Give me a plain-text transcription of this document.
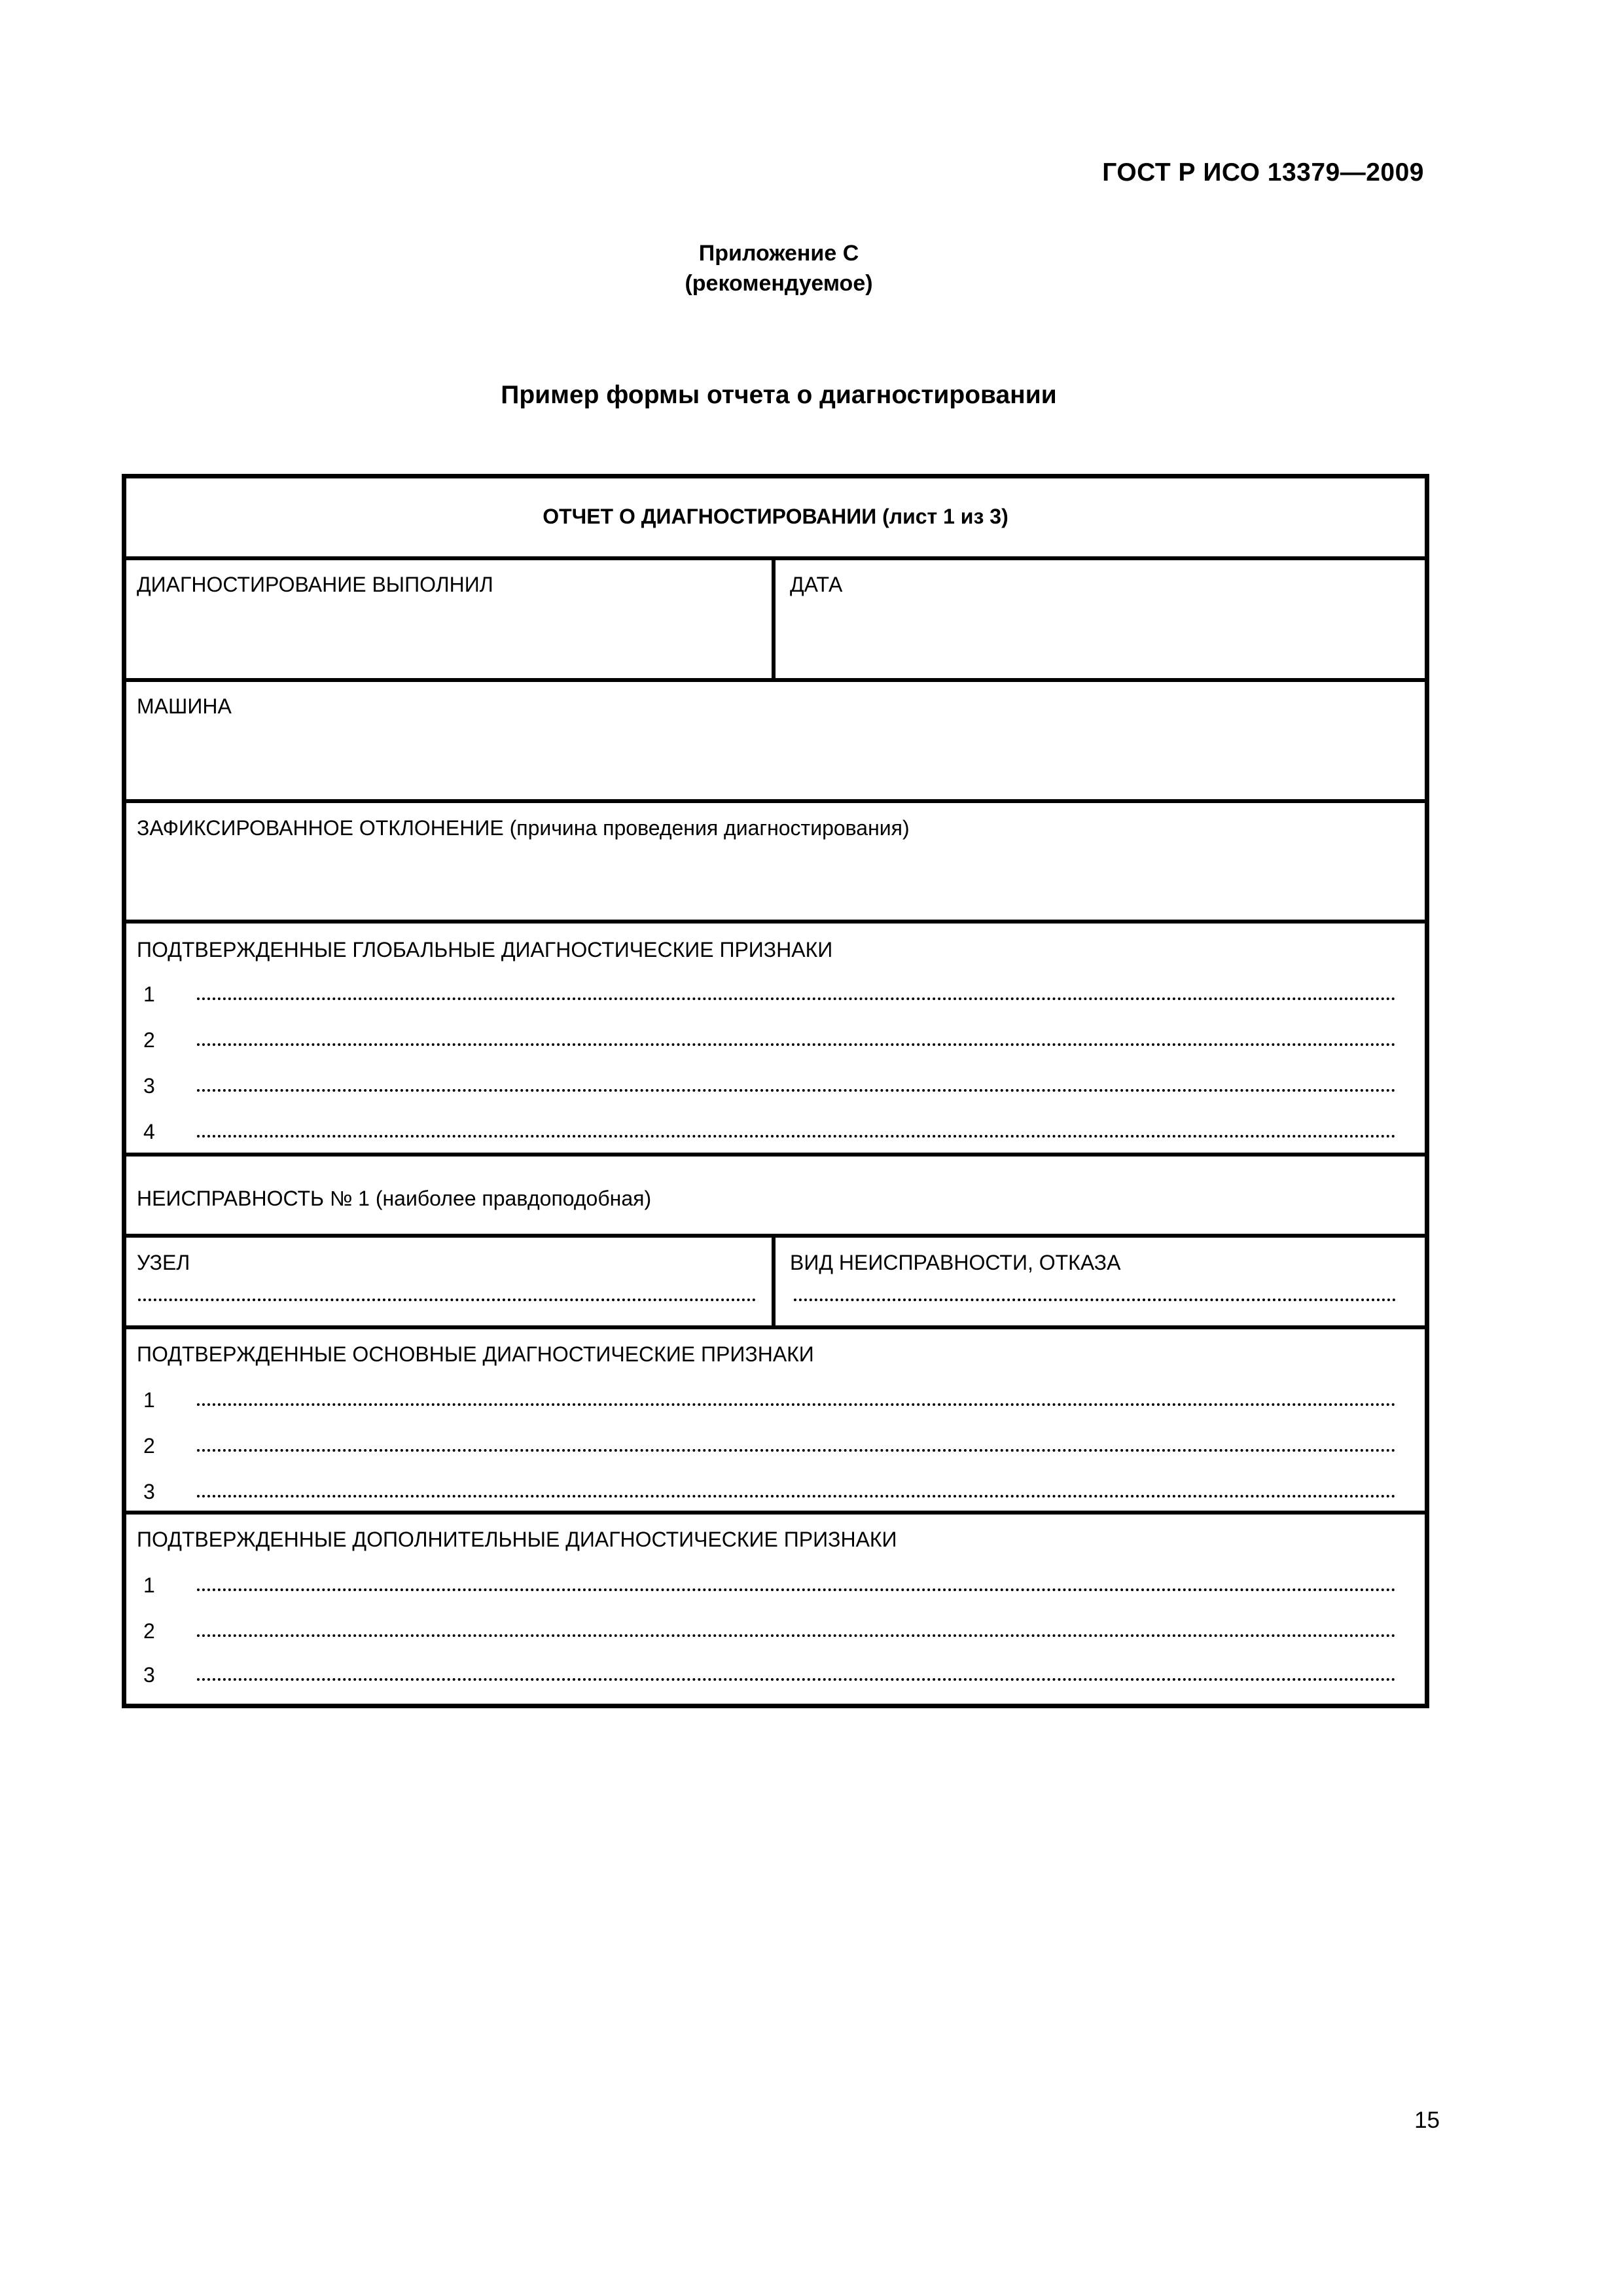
ГОСТ Р ИСО 13379—2009
Приложение С
(рекомендуемое)
Пример формы отчета о диагностировании
ОТЧЕТ О ДИАГНОСТИРОВАНИИ (лист 1 из 3)
ДИАГНОСТИРОВАНИЕ ВЫПОЛНИЛ	ДАТА
МАШИНА
ЗАФИКСИРОВАННОЕ ОТКЛОНЕНИЕ (причина проведения диагностирования)
ПОДТВЕРЖДЕННЫЕ ГЛОБАЛЬНЫЕ ДИАГНОСТИЧЕСКИЕ ПРИЗНАКИ
1
2
3
4
НЕИСПРАВНОСТЬ № 1 (наиболее правдоподобная)
УЗЕЛ	ВИД НЕИСПРАВНОСТИ, ОТКАЗА
ПОДТВЕРЖДЕННЫЕ ОСНОВНЫЕ ДИАГНОСТИЧЕСКИЕ ПРИЗНАКИ
1
2
3
ПОДТВЕРЖДЕННЫЕ ДОПОЛНИТЕЛЬНЫЕ ДИАГНОСТИЧЕСКИЕ ПРИЗНАКИ
1
2
3
15
